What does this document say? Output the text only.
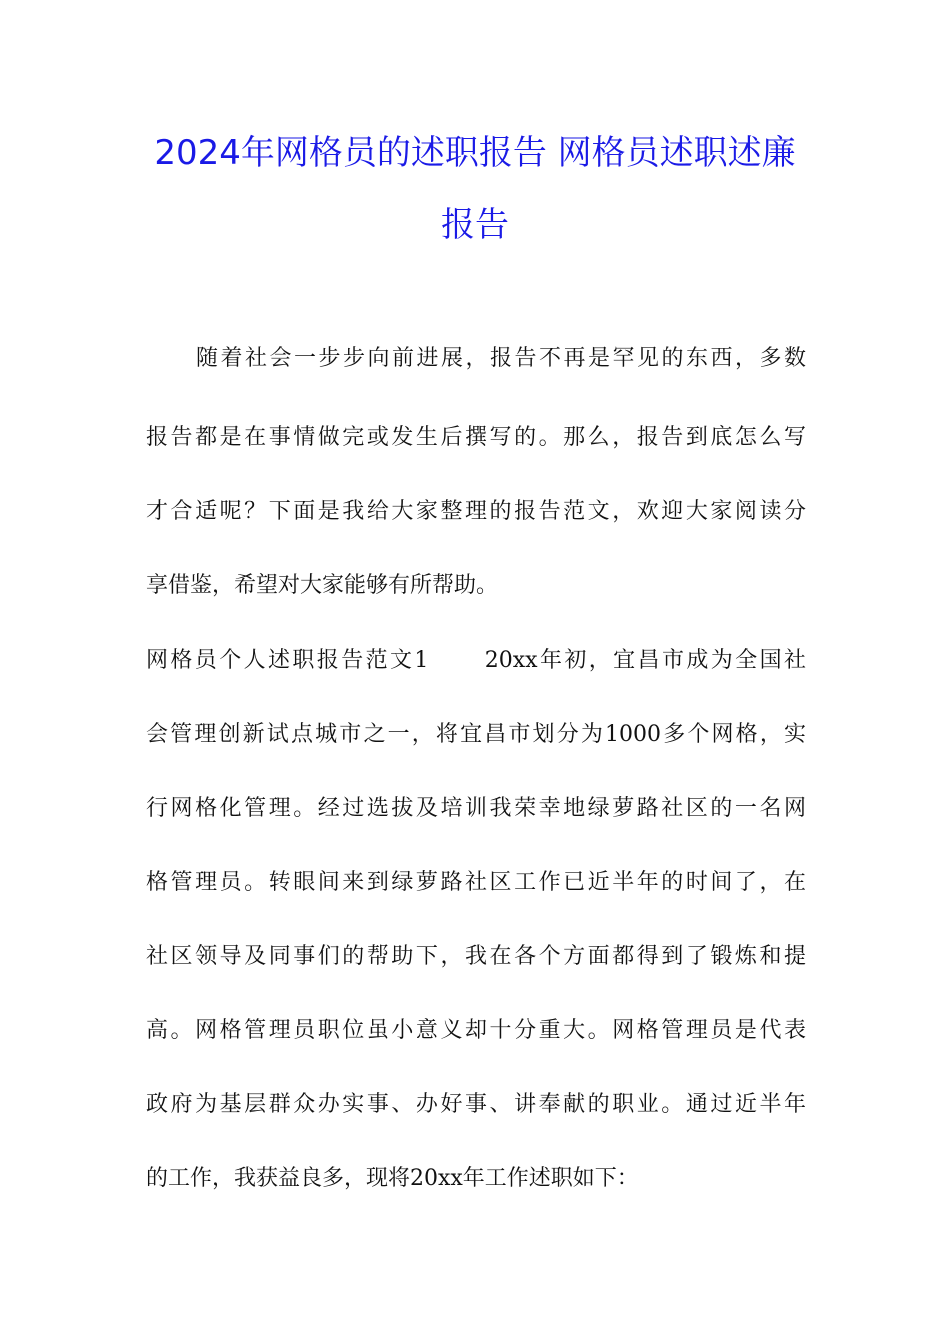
2024年网格员的述职报告 网格员述职述廉
报告
随着社会一步步向前进展，报告不再是罕见的东西，多数
报告都是在事情做完或发生后撰写的。那么，报告到底怎么写
才合适呢？下面是我给大家整理的报告范文，欢迎大家阅读分
享借鉴，希望对大家能够有所帮助。
网格员个人述职报告范文1      20xx年初，宜昌市成为全国社
会管理创新试点城市之一，将宜昌市划分为1000多个网格，实
行网格化管理。经过选拔及培训我荣幸地绿萝路社区的一名网
格管理员。转眼间来到绿萝路社区工作已近半年的时间了，在
社区领导及同事们的帮助下，我在各个方面都得到了锻炼和提
高。网格管理员职位虽小意义却十分重大。网格管理员是代表
政府为基层群众办实事、办好事、讲奉献的职业。通过近半年
的工作，我获益良多，现将20xx年工作述职如下：
